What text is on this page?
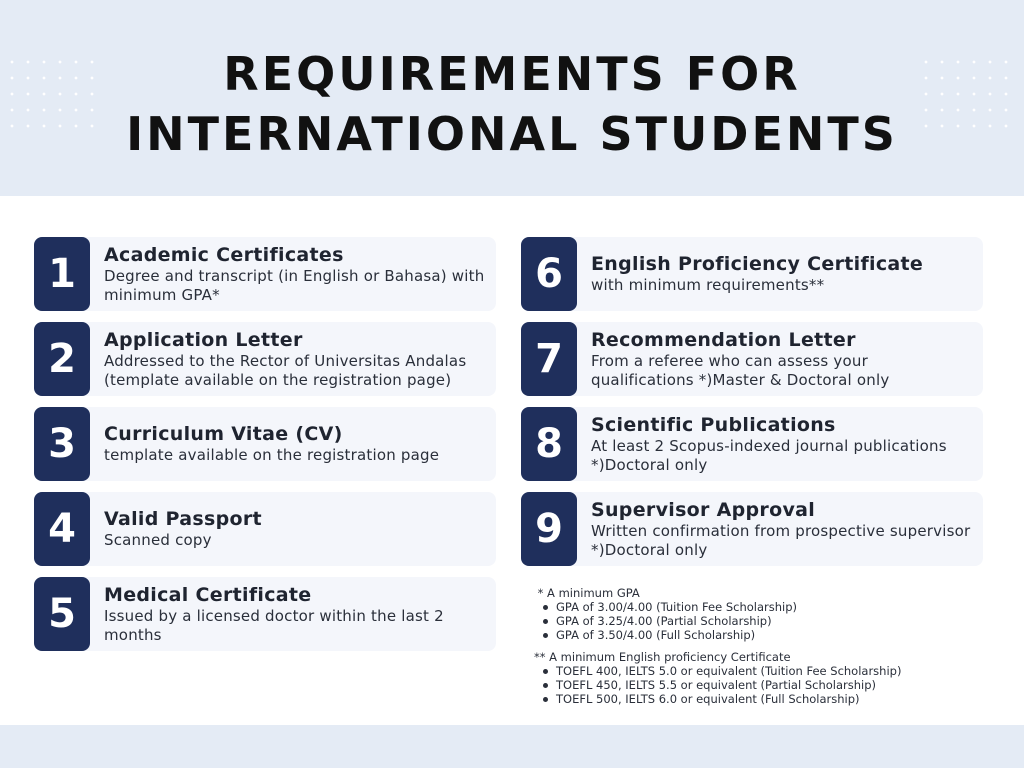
REQUIREMENTS FOR
INTERNATIONAL STUDENTS
1	Academic Certificates
Degree and transcript (in English or Bahasa) with minimum GPA*
2	Application Letter
Addressed to the Rector of Universitas Andalas (template available on the registration page)
3	Curriculum Vitae (CV)
template available on the registration page
4	Valid Passport
Scanned copy
5	Medical Certificate
Issued by a licensed doctor within the last 2 months
6	English Proficiency Certificate
with minimum requirements**
7	Recommendation Letter
From a referee who can assess your qualifications *)Master & Doctoral only
8	Scientific Publications
At least 2 Scopus-indexed journal publications *)Doctoral only
9	Supervisor Approval
Written confirmation from prospective supervisor *)Doctoral only

* A minimum GPA

GPA of 3.00/4.00 (Tuition Fee Scholarship)
GPA of 3.25/4.00 (Partial Scholarship)
GPA of 3.50/4.00 (Full Scholarship)

** A minimum English proficiency Certificate

TOEFL 400, IELTS 5.0 or equivalent (Tuition Fee Scholarship)
TOEFL 450, IELTS 5.5 or equivalent (Partial Scholarship)
TOEFL 500, IELTS 6.0 or equivalent (Full Scholarship)
